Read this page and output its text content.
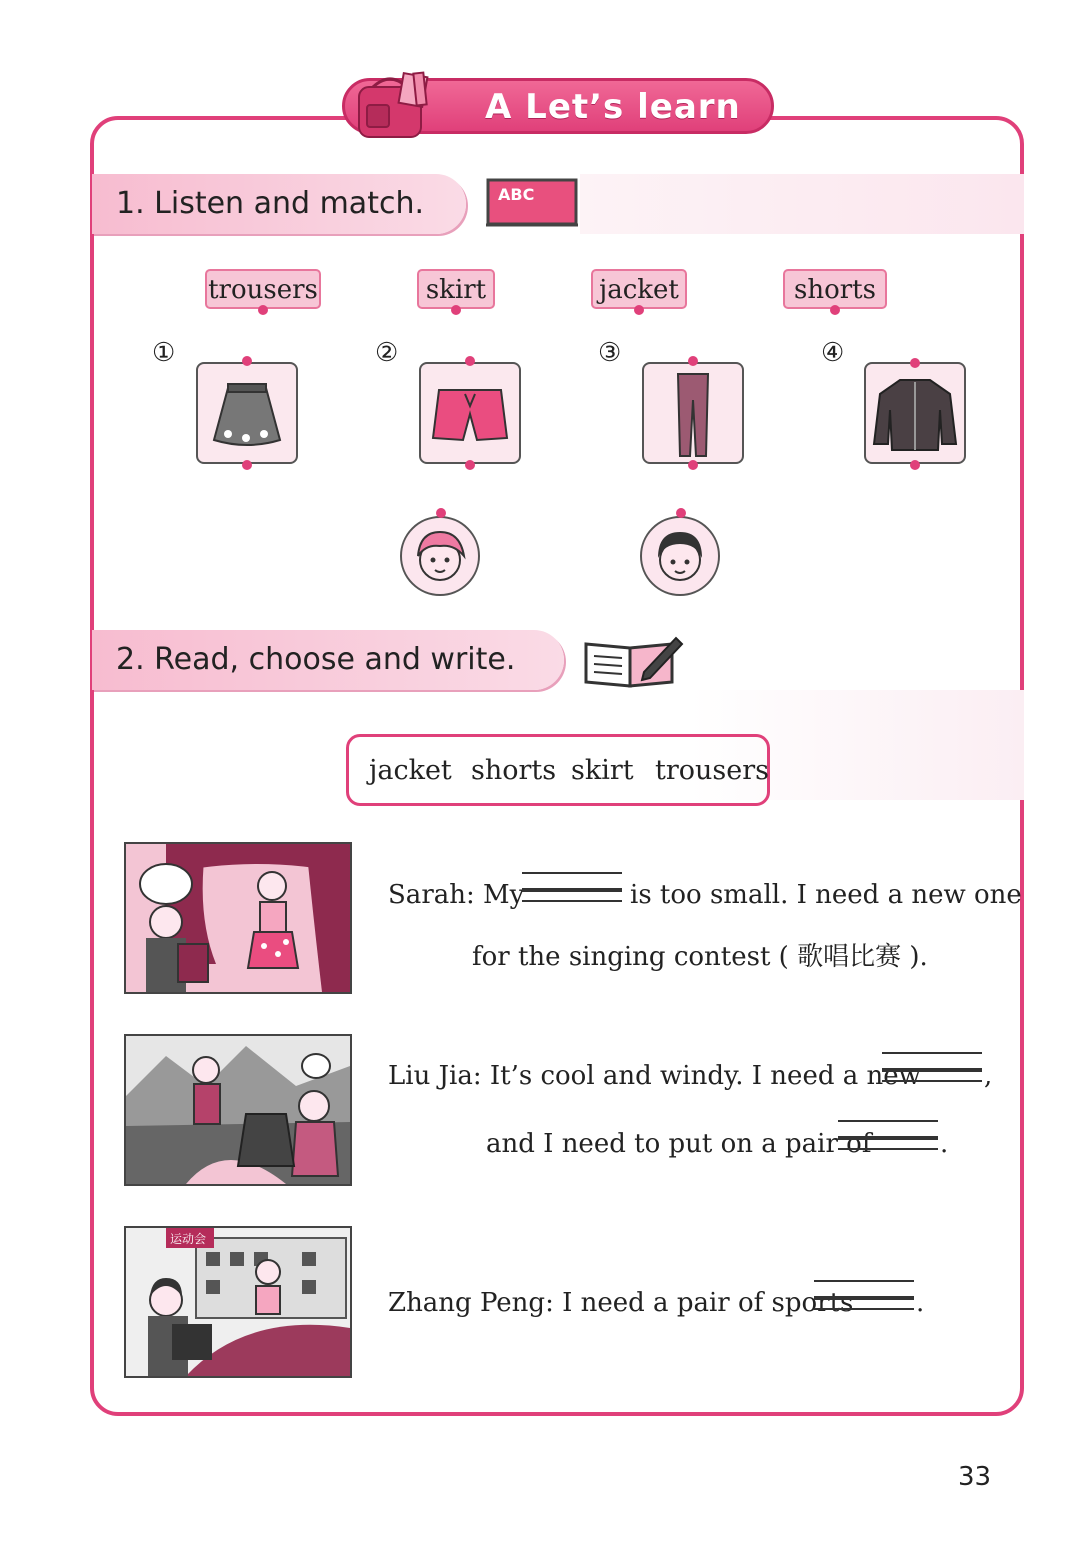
A Let’s learn
1. Listen and match.	ABC
trousers	skirt	jacket	shorts
①	②	③	④
2. Read, choose and write.
jacket shorts skirt trousers
Sarah: My	is too small. I need a new one
for the singing contest ( 歌唱比赛 ).
Liu Jia: It’s cool and windy. I need a new ,
and I need to put on a pair of	.
运动会
Zhang Peng: I need a pair of sports .
33
